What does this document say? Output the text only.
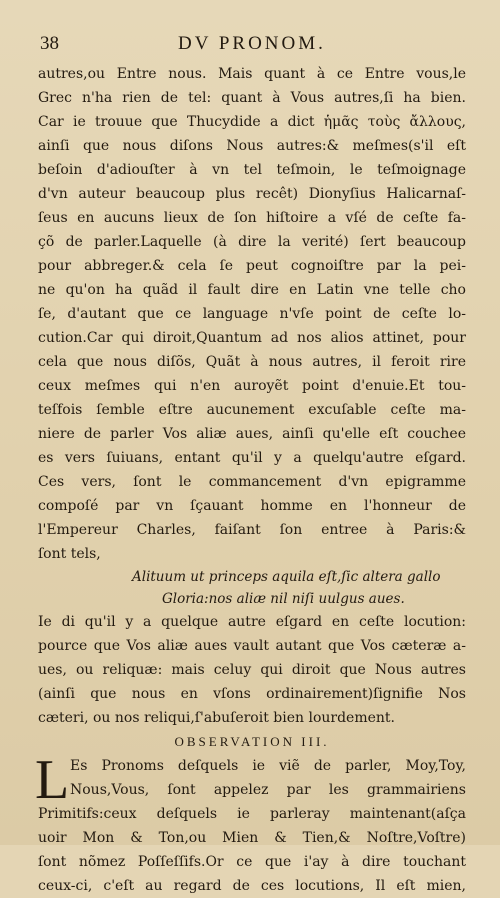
38	DV PRONOM.
autres,ou Entre nous. Mais quant à ce Entre vous,le
Grec n'ha rien de tel: quant à Vous autres,ſi ha bien.
Car ie trouue que Thucydide a dict ἡμᾶς τοὺς ἄλλους,
ainſi que nous diſons Nous autres:& meſmes(s'il eſt
beſoin d'adiouſter à vn tel teſmoin, le teſmoignage
d'vn auteur beaucoup plus recêt) Dionyſius Halicarnaſ-
ſeus en aucuns lieux de ſon hiſtoire a vſé de ceſte fa-
çõ de parler.Laquelle (à dire la verité) ſert beaucoup
pour abbreger.& cela ſe peut cognoiſtre par la pei-
ne qu'on ha quãd il fault dire en Latin vne telle cho
ſe, d'autant que ce language n'vſe point de ceſte lo-
cution.Car qui diroit,Quantum ad nos alios attinet, pour
cela que nous diſõs, Quãt à nous autres, il feroit rire
ceux meſmes qui n'en auroyẽt point d'enuie.Et tou-
teſfois ſemble eſtre aucunement excuſable ceſte ma-
niere de parler Vos aliæ aues, ainſi qu'elle eſt couchee
es vers ſuiuans, entant qu'il y a quelqu'autre eſgard.
Ces vers, ſont le commancement d'vn epigramme
compoſé par vn ſçauant homme en l'honneur de
l'Empereur Charles, faiſant ſon entree à Paris:&
ſont tels,
Alituum ut princeps aquila eſt,ſic altera gallo
Gloria:nos aliæ nil niſi uulgus aues.
Ie di qu'il y a quelque autre eſgard en ceſte locution:
pource que Vos aliæ aues vault autant que Vos cæteræ a-
ues, ou reliquæ: mais celuy qui diroit que Nous autres
(ainſi que nous en vſons ordinairement)ſignifie Nos
cæteri, ou nos reliqui,ſ'abuſeroit bien lourdement.
OBSERVATION III.
L Es Pronoms deſquels ie viẽ de parler, Moy,Toy,
Nous,Vous, ſont appelez par les grammairiens
Primitifs:ceux deſquels ie parleray maintenant(aſça
uoir Mon & Ton,ou Mien & Tien,& Noſtre,Voſtre)
ſont nõmez Poſſeſſifs.Or ce que i'ay à dire touchant
ceux-ci, c'eſt au regard de ces locutions, Il eſt mien,
